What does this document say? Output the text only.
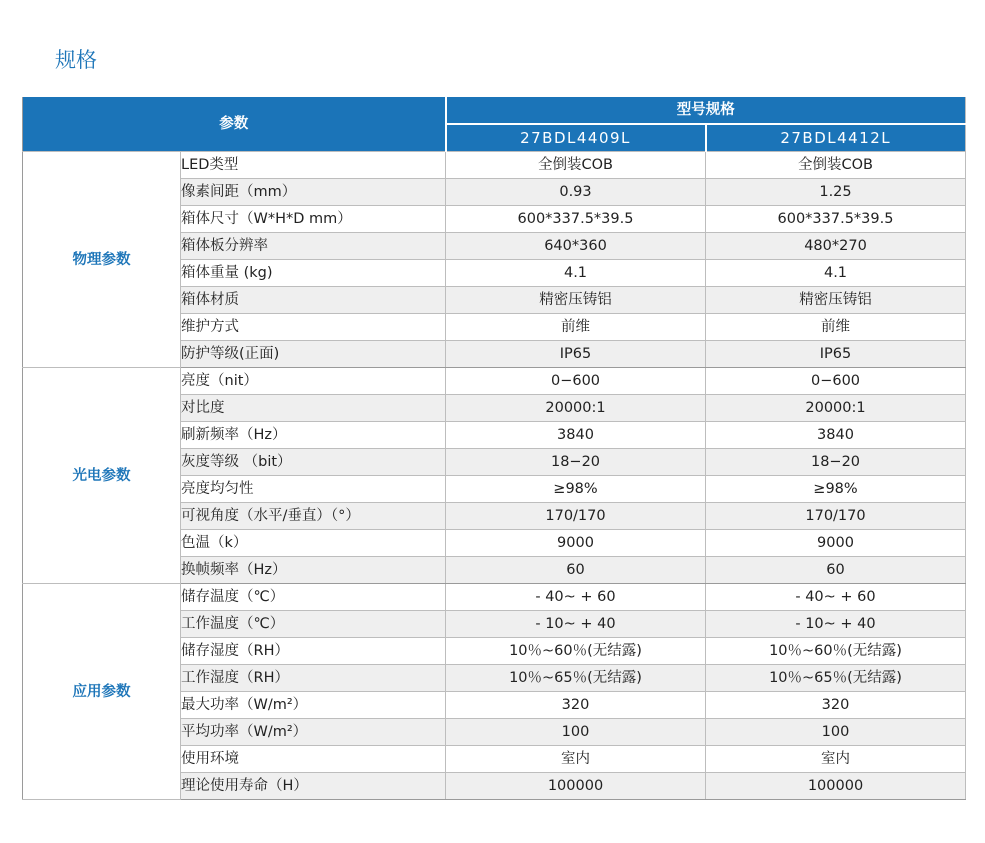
规格
参数		型号规格	
		27BDL4409L	27BDL4412L
物理参数	LED类型	全倒装COB	全倒装COB
	像素间距（mm）	0.93	1.25
	箱体尺寸（W*H*D mm）	600*337.5*39.5	600*337.5*39.5
	箱体板分辨率	640*360	480*270
	箱体重量 (kg)	4.1	4.1
	箱体材质	精密压铸铝	精密压铸铝
	维护方式	前维	前维
	防护等级(正面)	IP65	IP65
光电参数	亮度（nit）	0−600	0−600
	对比度	20000:1	20000:1
	刷新频率（Hz）	3840	3840
	灰度等级 （bit）	18−20	18−20
	亮度均匀性	≥98%	≥98%
	可视角度（水平/垂直）（°）	170/170	170/170
	色温（k）	9000	9000
	换帧频率（Hz）	60	60
应用参数	储存温度（℃）	- 40~ + 60	- 40~ + 60
	工作温度（℃）	- 10~ + 40	- 10~ + 40
	储存湿度（RH）	10％~60％(无结露)	10％~60％(无结露)
	工作湿度（RH）	10％~65％(无结露)	10％~65％(无结露)
	最大功率（W/m²）	320	320
	平均功率（W/m²）	100	100
	使用环境	室内	室内
	理论使用寿命（H）	100000	100000
